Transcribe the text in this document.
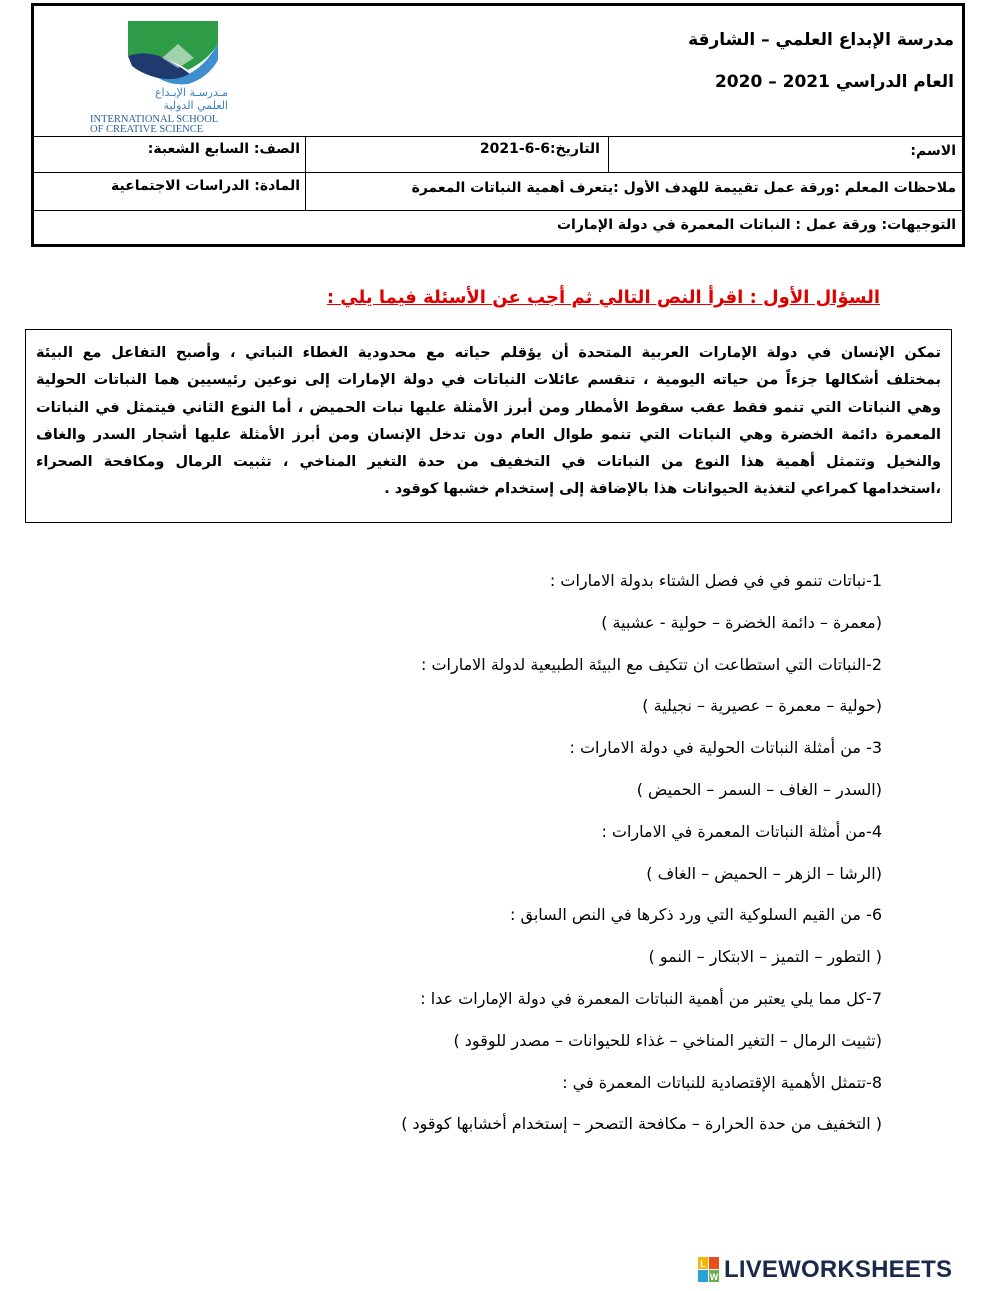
مدرسة الإبداع العلمي – الشارقة
العام الدراسي 2021 – 2020
مـدرسـة الإبـداع
العلمي الدولية
INTERNATIONAL SCHOOL
OF CREATIVE SCIENCE
الاسم:
التاريخ:6-6-2021
الصف: السابع الشعبة:
ملاحظات المعلم :ورقة عمل تقييمة للهدف الأول :يتعرف أهمية النباتات المعمرة
المادة: الدراسات الاجتماعية
التوجيهات: ورقة عمل : النباتات المعمرة في دولة الإمارات
السؤال الأول : اقرأ النص التالي ثم أجب عن الأسئلة فيما يلي :
تمكن الإنسان في دولة الإمارات العربية المتحدة أن يؤقلم حياته مع محدودية الغطاء النباتي ، وأصبح التفاعل مع البيئة
بمختلف أشكالها جزءاً من حياته اليومية ، تنقسم عائلات النباتات في دولة الإمارات إلى نوعين رئيسيين هما النباتات الحولية
وهي النباتات التي تنمو فقط عقب سقوط الأمطار ومن أبرز الأمثلة عليها نبات الحميض ، أما النوع الثاني فيتمثل في النباتات
المعمرة دائمة الخضرة وهي النباتات التي تنمو طوال العام دون تدخل الإنسان ومن أبرز الأمثلة عليها أشجار السدر والغاف
والنخيل وتتمثل أهمية هذا النوع من النباتات في التخفيف من حدة التغير المناخي ، تثبيت الرمال ومكافحة الصحراء
،استخدامها كمراعي لتغذية الحيوانات هذا بالإضافة إلى إستخدام خشبها كوقود .
1-نباتات تنمو في في فصل الشتاء بدولة الامارات :
(معمرة – دائمة الخضرة – حولية - عشبية )
2-النباتات التي استطاعت ان تتكيف مع البيئة الطبيعية لدولة الامارات :
(حولية – معمرة – عصيرية – نجيلية )
3- من أمثلة النباتات الحولية في دولة الامارات :
(السدر – الغاف – السمر – الحميض )
4-من أمثلة النباتات المعمرة في الامارات :
(الرشا – الزهر – الحميض – الغاف )
6- من القيم السلوكية التي ورد ذكرها في النص السابق :
( التطور – التميز – الابتكار – النمو )
7-كل مما يلي يعتبر من أهمية النباتات المعمرة في دولة الإمارات عدا :
(تثبيت الرمال – التغير المناخي – غذاء للحيوانات – مصدر للوقود )
8-تتمثل الأهمية الإقتصادية للنباتات المعمرة في :
( التخفيف من حدة الحرارة – مكافحة التصحر – إستخدام أخشابها كوقود )
L
W LIVEWORKSHEETS
